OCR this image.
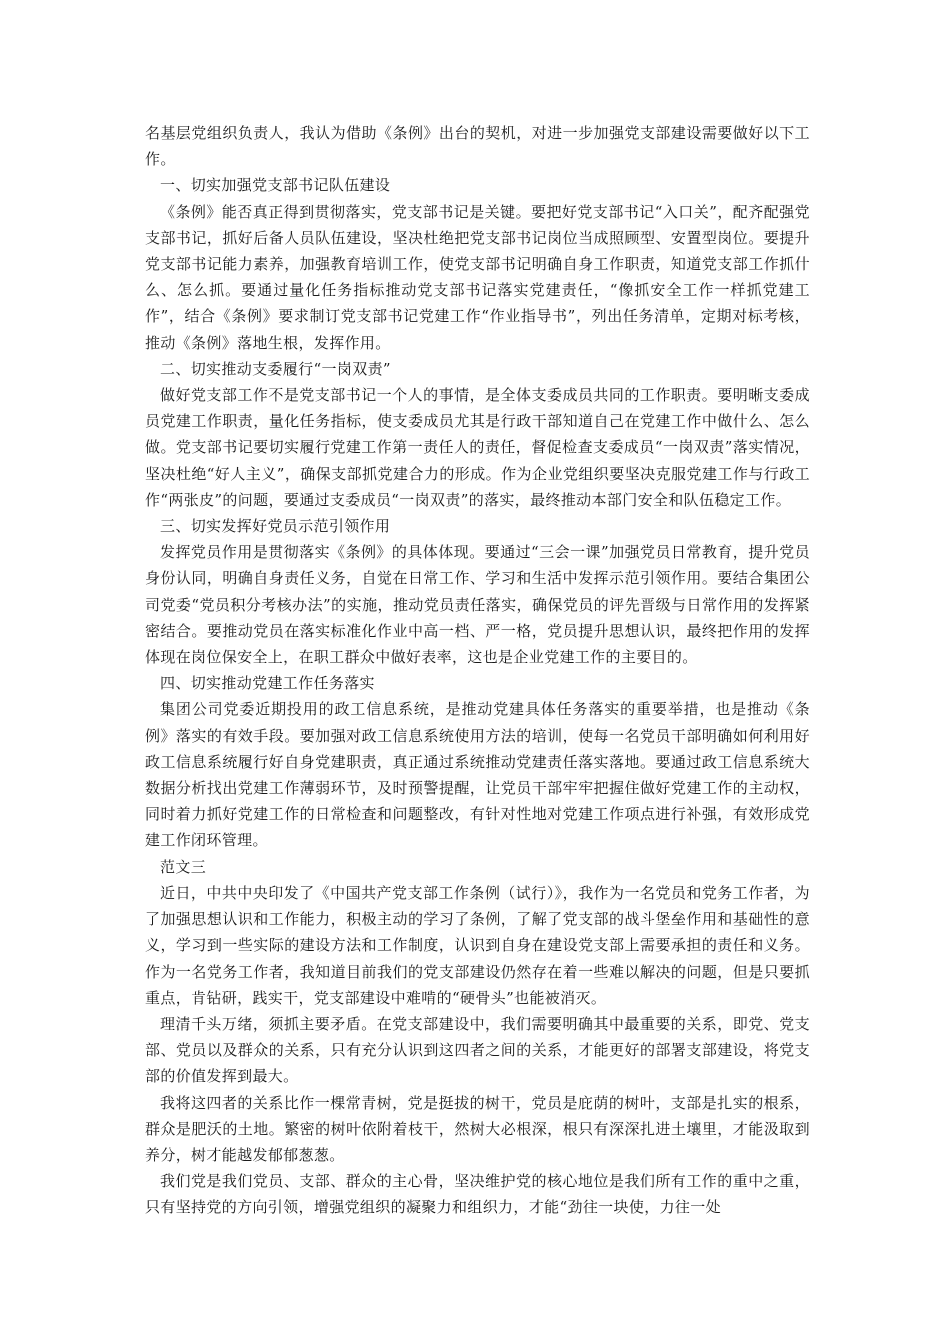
名基层党组织负责人，我认为借助《条例》出台的契机，对进一步加强党支部建设需要做好以下工作。

一、切实加强党支部书记队伍建设

《条例》能否真正得到贯彻落实，党支部书记是关键。要把好党支部书记“入口关”，配齐配强党支部书记，抓好后备人员队伍建设，坚决杜绝把党支部书记岗位当成照顾型、安置型岗位。要提升党支部书记能力素养，加强教育培训工作，使党支部书记明确自身工作职责，知道党支部工作抓什么、怎么抓。要通过量化任务指标推动党支部书记落实党建责任，“像抓安全工作一样抓党建工作”，结合《条例》要求制订党支部书记党建工作“作业指导书”，列出任务清单，定期对标考核，推动《条例》落地生根，发挥作用。

二、切实推动支委履行“一岗双责”

做好党支部工作不是党支部书记一个人的事情，是全体支委成员共同的工作职责。要明晰支委成员党建工作职责，量化任务指标，使支委成员尤其是行政干部知道自己在党建工作中做什么、怎么做。党支部书记要切实履行党建工作第一责任人的责任，督促检查支委成员“一岗双责”落实情况，坚决杜绝“好人主义”，确保支部抓党建合力的形成。作为企业党组织要坚决克服党建工作与行政工作“两张皮”的问题，要通过支委成员“一岗双责”的落实，最终推动本部门安全和队伍稳定工作。

三、切实发挥好党员示范引领作用

发挥党员作用是贯彻落实《条例》的具体体现。要通过“三会一课”加强党员日常教育，提升党员身份认同，明确自身责任义务，自觉在日常工作、学习和生活中发挥示范引领作用。要结合集团公司党委“党员积分考核办法”的实施，推动党员责任落实，确保党员的评先晋级与日常作用的发挥紧密结合。要推动党员在落实标准化作业中高一档、严一格，党员提升思想认识，最终把作用的发挥体现在岗位保安全上，在职工群众中做好表率，这也是企业党建工作的主要目的。

四、切实推动党建工作任务落实

集团公司党委近期投用的政工信息系统，是推动党建具体任务落实的重要举措，也是推动《条例》落实的有效手段。要加强对政工信息系统使用方法的培训，使每一名党员干部明确如何利用好政工信息系统履行好自身党建职责，真正通过系统推动党建责任落实落地。要通过政工信息系统大数据分析找出党建工作薄弱环节，及时预警提醒，让党员干部牢牢把握住做好党建工作的主动权，同时着力抓好党建工作的日常检查和问题整改，有针对性地对党建工作项点进行补强，有效形成党建工作闭环管理。

范文三

近日，中共中央印发了《中国共产党支部工作条例（试行）》，我作为一名党员和党务工作者，为了加强思想认识和工作能力，积极主动的学习了条例，了解了党支部的战斗堡垒作用和基础性的意义，学习到一些实际的建设方法和工作制度，认识到自身在建设党支部上需要承担的责任和义务。作为一名党务工作者，我知道目前我们的党支部建设仍然存在着一些难以解决的问题，但是只要抓重点，肯钻研，践实干，党支部建设中难啃的“硬骨头”也能被消灭。

理清千头万绪，须抓主要矛盾。在党支部建设中，我们需要明确其中最重要的关系，即党、党支部、党员以及群众的关系，只有充分认识到这四者之间的关系，才能更好的部署支部建设，将党支部的价值发挥到最大。

我将这四者的关系比作一棵常青树，党是挺拔的树干，党员是庇荫的树叶，支部是扎实的根系，群众是肥沃的土地。繁密的树叶依附着枝干，然树大必根深，根只有深深扎进土壤里，才能汲取到养分，树才能越发郁郁葱葱。

我们党是我们党员、支部、群众的主心骨，坚决维护党的核心地位是我们所有工作的重中之重，只有坚持党的方向引领，增强党组织的凝聚力和组织力，才能“劲往一块使，力往一处
